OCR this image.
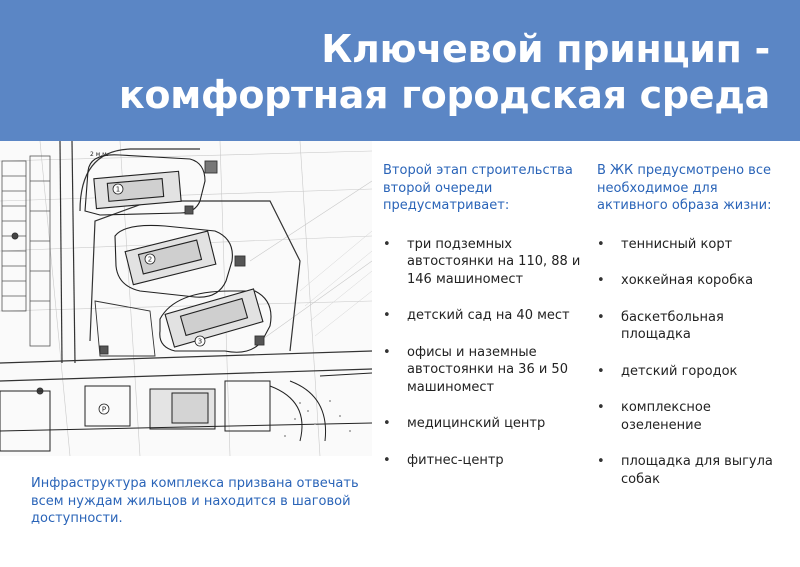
Ключевой принцип -
комфортная городская среда
2 м.м.
1
2
3
Р

Второй этап строительства второй очереди предусматривает:

• три подземных автостоянки на 110, 88 и 146 машиномест
• детский сад на 40 мест
• офисы и наземные автостоянки на 36 и 50 машиномест
• медицинский центр
• фитнес-центр

В ЖК предусмотрено все необходимое для активного образа жизни:

• теннисный корт
• хоккейная коробка
• баскетбольная площадка
• детский городок
• комплексное озеленение
• площадка для выгула собак

Инфраструктура комплекса призвана отвечать всем нуждам жильцов и находится в шаговой доступности.
